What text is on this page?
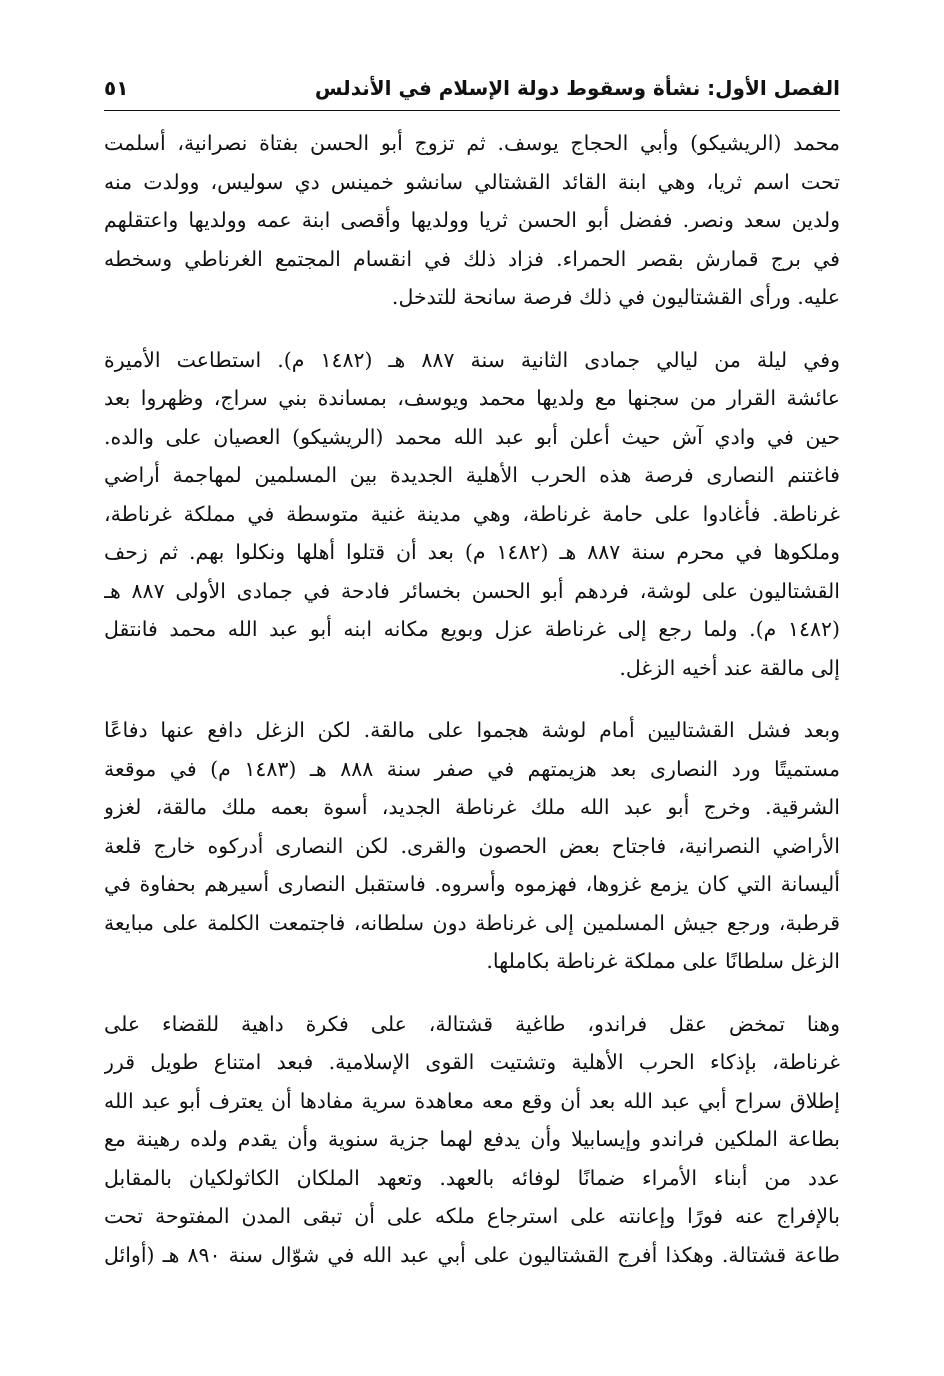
الفصل الأول: نشأة وسقوط دولة الإسلام في الأندلس
٥١
محمد (الريشيكو) وأبي الحجاج يوسف. ثم تزوج أبو الحسن بفتاة نصرانية، أسلمت
تحت اسم ثريا، وهي ابنة القائد القشتالي سانشو خمينس دي سوليس، وولدت منه
ولدين سعد ونصر. ففضل أبو الحسن ثريا وولديها وأقصى ابنة عمه وولديها واعتقلهم
في برج قمارش بقصر الحمراء. فزاد ذلك في انقسام المجتمع الغرناطي وسخطه
عليه. ورأى القشتاليون في ذلك فرصة سانحة للتدخل.
وفي ليلة من ليالي جمادى الثانية سنة ٨٨٧ هـ (١٤٨٢ م). استطاعت الأميرة
عائشة القرار من سجنها مع ولديها محمد ويوسف، بمساندة بني سراج، وظهروا بعد
حين في وادي آش حيث أعلن أبو عبد الله محمد (الريشيكو) العصيان على والده.
فاغتنم النصارى فرصة هذه الحرب الأهلية الجديدة بين المسلمين لمهاجمة أراضي
غرناطة. فأغادوا على حامة غرناطة، وهي مدينة غنية متوسطة في مملكة غرناطة،
وملكوها في محرم سنة ٨٨٧ هـ (١٤٨٢ م) بعد أن قتلوا أهلها ونكلوا بهم. ثم زحف
القشتاليون على لوشة، فردهم أبو الحسن بخسائر فادحة في جمادى الأولى ٨٨٧ هـ
(١٤٨٢ م). ولما رجع إلى غرناطة عزل وبويع مكانه ابنه أبو عبد الله محمد فانتقل
إلى مالقة عند أخيه الزغل.
وبعد فشل القشتاليين أمام لوشة هجموا على مالقة. لكن الزغل دافع عنها دفاعًا
مستميتًا ورد النصارى بعد هزيمتهم في صفر سنة ٨٨٨ هـ (١٤٨٣ م) في موقعة
الشرقية. وخرج أبو عبد الله ملك غرناطة الجديد، أسوة بعمه ملك مالقة، لغزو
الأراضي النصرانية، فاجتاح بعض الحصون والقرى. لكن النصارى أدركوه خارج قلعة
أليسانة التي كان يزمع غزوها، فهزموه وأسروه. فاستقبل النصارى أسيرهم بحفاوة في
قرطبة، ورجع جيش المسلمين إلى غرناطة دون سلطانه، فاجتمعت الكلمة على مبايعة
الزغل سلطانًا على مملكة غرناطة بكاملها.
وهنا تمخض عقل فراندو، طاغية قشتالة، على فكرة داهية للقضاء على
غرناطة، بإذكاء الحرب الأهلية وتشتيت القوى الإسلامية. فبعد امتناع طويل قرر
إطلاق سراح أبي عبد الله بعد أن وقع معه معاهدة سرية مفادها أن يعترف أبو عبد الله
بطاعة الملكين فراندو وإيسابيلا وأن يدفع لهما جزية سنوية وأن يقدم ولده رهينة مع
عدد من أبناء الأمراء ضمانًا لوفائه بالعهد. وتعهد الملكان الكاثولكيان بالمقابل
بالإفراج عنه فورًا وإعانته على استرجاع ملكه على أن تبقى المدن المفتوحة تحت
طاعة قشتالة. وهكذا أفرج القشتاليون على أبي عبد الله في شوّال سنة ٨٩٠ هـ (أوائل
